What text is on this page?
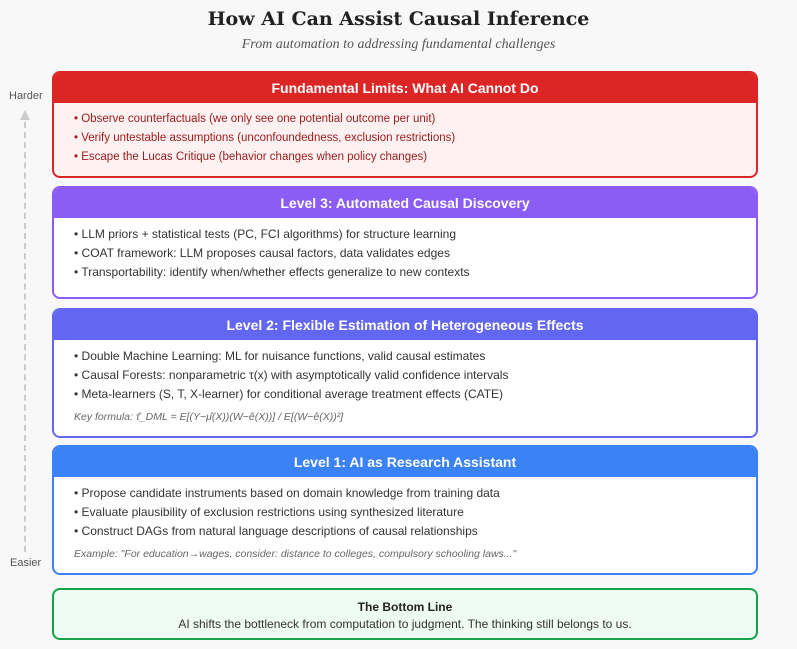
How AI Can Assist Causal Inference
From automation to addressing fundamental challenges
Harder
Easier
Fundamental Limits: What AI Cannot Do
• Observe counterfactuals (we only see one potential outcome per unit)
• Verify untestable assumptions (unconfoundedness, exclusion restrictions)
• Escape the Lucas Critique (behavior changes when policy changes)
Level 3: Automated Causal Discovery
• LLM priors + statistical tests (PC, FCI algorithms) for structure learning
• COAT framework: LLM proposes causal factors, data validates edges
• Transportability: identify when/whether effects generalize to new contexts
Level 2: Flexible Estimation of Heterogeneous Effects
• Double Machine Learning: ML for nuisance functions, valid causal estimates
• Causal Forests: nonparametric τ(x) with asymptotically valid confidence intervals
• Meta-learners (S, T, X-learner) for conditional average treatment effects (CATE)
Key formula: τ̂_DML = E[(Y−μ̂(X))(W−ê(X))] / E[(W−ê(X))²]
Level 1: AI as Research Assistant
• Propose candidate instruments based on domain knowledge from training data
• Evaluate plausibility of exclusion restrictions using synthesized literature
• Construct DAGs from natural language descriptions of causal relationships
Example: "For education→wages, consider: distance to colleges, compulsory schooling laws..."
The Bottom Line
AI shifts the bottleneck from computation to judgment. The thinking still belongs to us.
